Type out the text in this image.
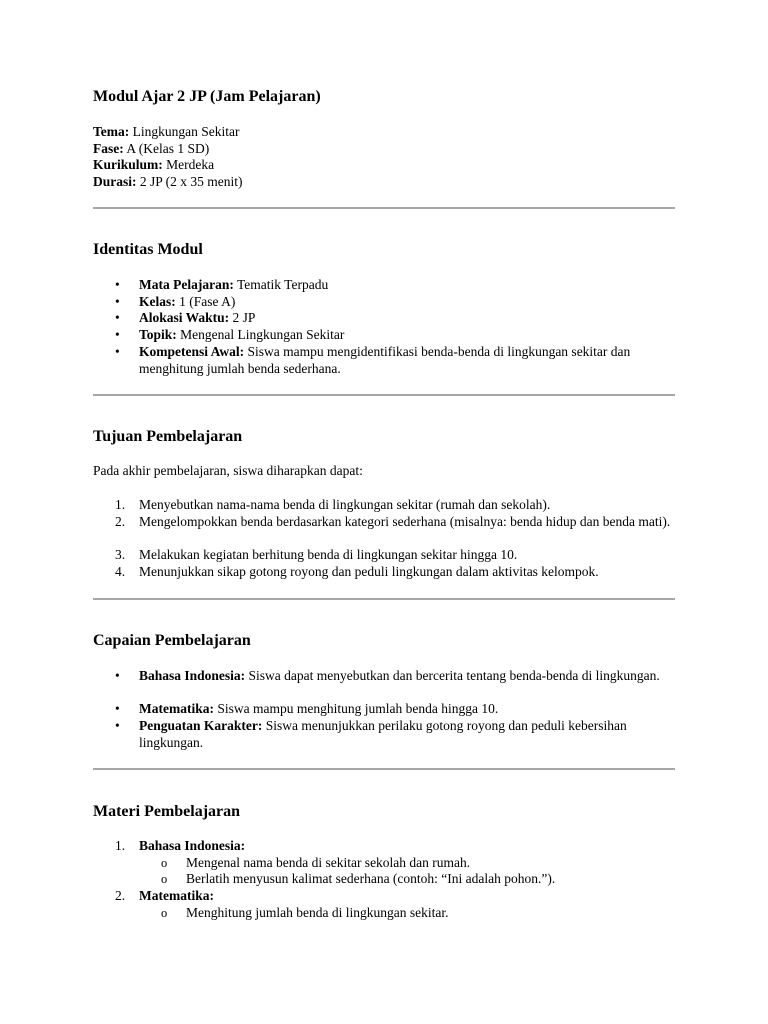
Modul Ajar 2 JP (Jam Pelajaran)
Tema: Lingkungan Sekitar
Fase: A (Kelas 1 SD)
Kurikulum: Merdeka
Durasi: 2 JP (2 x 35 menit)
Identitas Modul
• Mata Pelajaran: Tematik Terpadu
• Kelas: 1 (Fase A)
• Alokasi Waktu: 2 JP
• Topik: Mengenal Lingkungan Sekitar
• Kompetensi Awal: Siswa mampu mengidentifikasi benda-benda di lingkungan sekitar dan menghitung jumlah benda sederhana.
Tujuan Pembelajaran
Pada akhir pembelajaran, siswa diharapkan dapat:
1. Menyebutkan nama-nama benda di lingkungan sekitar (rumah dan sekolah).
2. Mengelompokkan benda berdasarkan kategori sederhana (misalnya: benda hidup dan benda mati).
3. Melakukan kegiatan berhitung benda di lingkungan sekitar hingga 10.
4. Menunjukkan sikap gotong royong dan peduli lingkungan dalam aktivitas kelompok.
Capaian Pembelajaran
• Bahasa Indonesia: Siswa dapat menyebutkan dan bercerita tentang benda-benda di lingkungan.
• Matematika: Siswa mampu menghitung jumlah benda hingga 10.
• Penguatan Karakter: Siswa menunjukkan perilaku gotong royong dan peduli kebersihan lingkungan.
Materi Pembelajaran
1. Bahasa Indonesia:
o Mengenal nama benda di sekitar sekolah dan rumah.
o Berlatih menyusun kalimat sederhana (contoh: “Ini adalah pohon.”).
2. Matematika:
o Menghitung jumlah benda di lingkungan sekitar.
